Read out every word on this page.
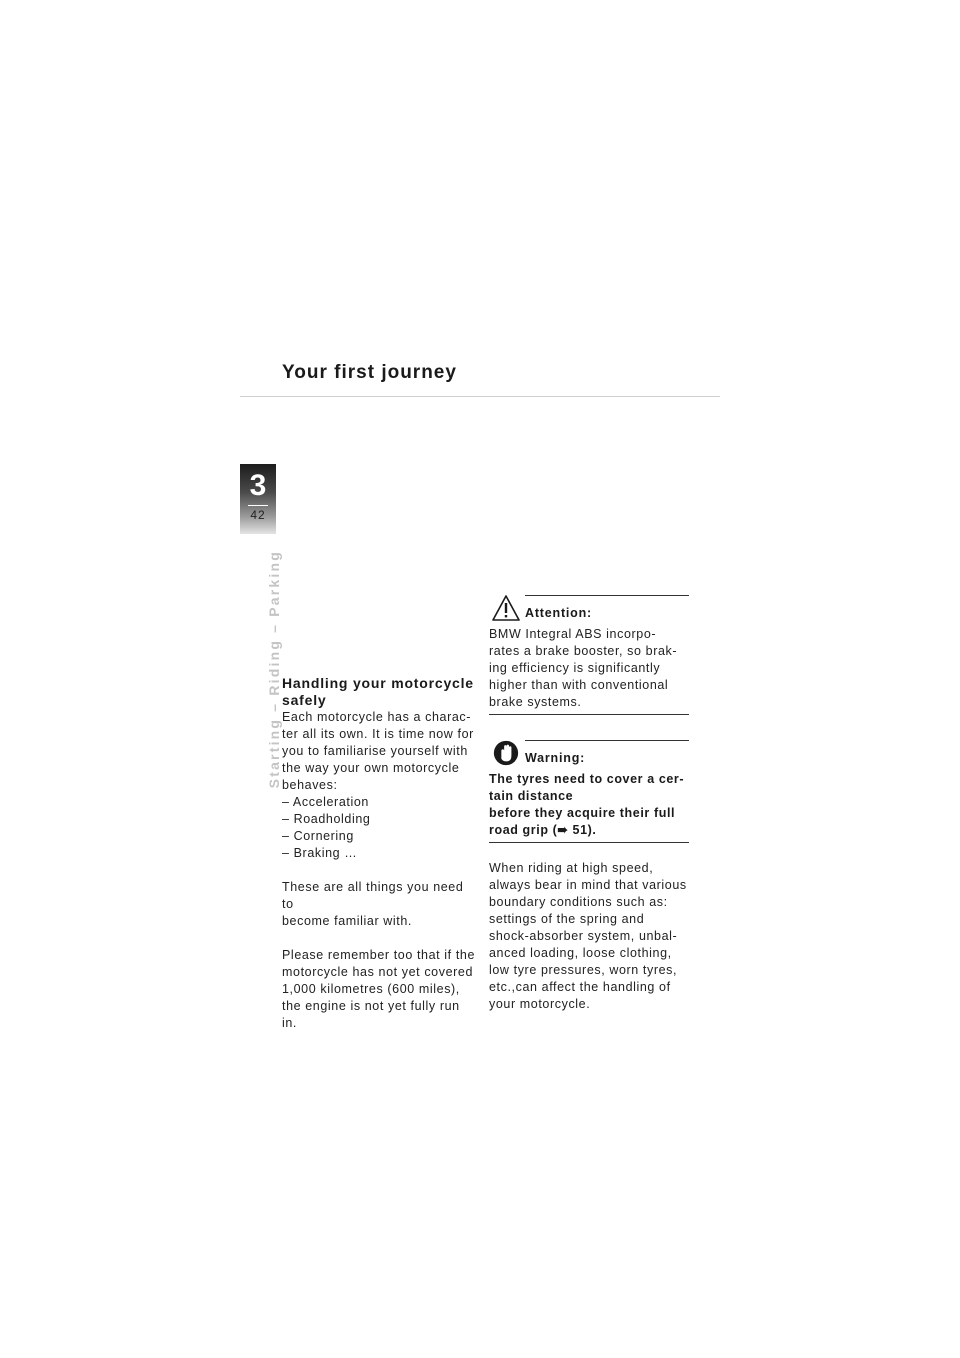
Your first journey
3
42
Starting – Riding – Parking Handling your motorcycle safely
Each motorcycle has a charac-
ter all its own. It is time now for
you to familiarise yourself with
the way your own motorcycle
behaves:
– Acceleration
– Roadholding
– Cornering
– Braking …
These are all things you need to
become familiar with.
Please remember too that if the
motorcycle has not yet covered
1,000 kilometres (600 miles),
the engine is not yet fully run in.
Attention:
BMW Integral ABS incorpo-
rates a brake booster, so brak-
ing efficiency is significantly
higher than with conventional
brake systems.
Warning:
The tyres need to cover a cer-
tain distance
before they acquire their full
road grip (➠ 51).
When riding at high speed,
always bear in mind that various
boundary conditions such as:
settings of the spring and
shock-absorber system, unbal-
anced loading, loose clothing,
low tyre pressures, worn tyres,
etc.,can affect the handling of
your motorcycle.
